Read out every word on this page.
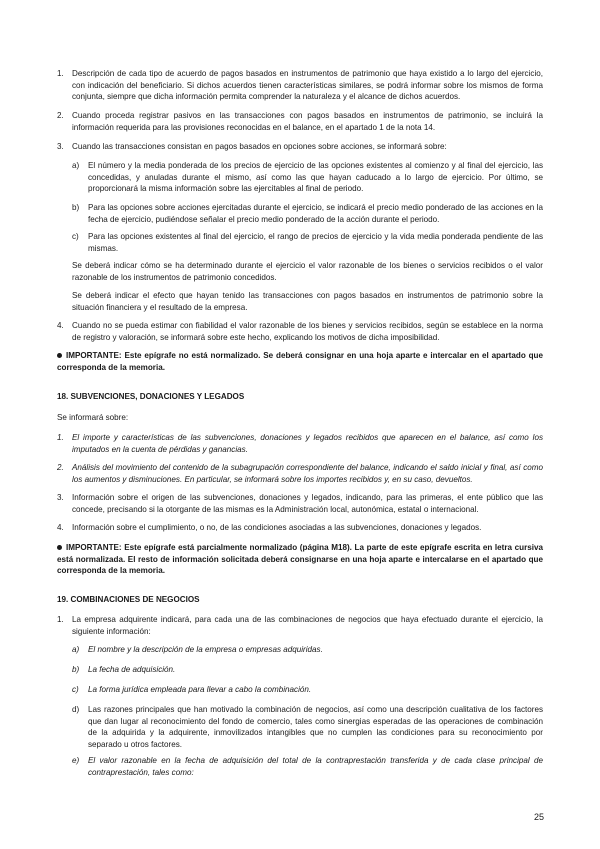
1.	Descripción de cada tipo de acuerdo de pagos basados en instrumentos de patrimonio que haya existido a lo largo del ejercicio, con indicación del beneficiario. Si dichos acuerdos tienen características similares, se podrá informar sobre los mismos de forma conjunta, siempre que dicha información permita comprender la naturaleza y el alcance de dichos acuerdos.
2.	Cuando proceda registrar pasivos en las transacciones con pagos basados en instrumentos de patrimonio, se incluirá la información requerida para las provisiones reconocidas en el balance, en el apartado 1 de la nota 14.
3.	Cuando las transacciones consistan en pagos basados en opciones sobre acciones, se informará sobre:
a)	El número y la media ponderada de los precios de ejercicio de las opciones existentes al comienzo y al final del ejercicio, las concedidas, y anuladas durante el mismo, así como las que hayan caducado a lo largo de ejercicio. Por último, se proporcionará la misma información sobre las ejercitables al final de periodo.
b)	Para las opciones sobre acciones ejercitadas durante el ejercicio, se indicará el precio medio ponderado de las acciones en la fecha de ejercicio, pudiéndose señalar el precio medio ponderado de la acción durante el periodo.
c)	Para las opciones existentes al final del ejercicio, el rango de precios de ejercicio y la vida media ponderada pendiente de las mismas.
Se deberá indicar cómo se ha determinado durante el ejercicio el valor razonable de los bienes o servicios recibidos o el valor razonable de los instrumentos de patrimonio concedidos.
Se deberá indicar el efecto que hayan tenido las transacciones con pagos basados en instrumentos de patrimonio sobre la situación financiera y el resultado de la empresa.
4.	Cuando no se pueda estimar con fiabilidad el valor razonable de los bienes y servicios recibidos, según se establece en la norma de registro y valoración, se informará sobre este hecho, explicando los motivos de dicha imposibilidad.
IMPORTANTE: Este epígrafe no está normalizado. Se deberá consignar en una hoja aparte e intercalar en el apartado que corresponda de la memoria.
18. SUBVENCIONES, DONACIONES Y LEGADOS
Se informará sobre:
1.	El importe y características de las subvenciones, donaciones y legados recibidos que aparecen en el balance, así como los imputados en la cuenta de pérdidas y ganancias.
2.	Análisis del movimiento del contenido de la subagrupación correspondiente del balance, indicando el saldo inicial y final, así como los aumentos y disminuciones. En particular, se informará sobre los importes recibidos y, en su caso, devueltos.
3.	Información sobre el origen de las subvenciones, donaciones y legados, indicando, para las primeras, el ente público que las concede, precisando si la otorgante de las mismas es la Administración local, autonómica, estatal o internacional.
4.	Información sobre el cumplimiento, o no, de las condiciones asociadas a las subvenciones, donaciones y legados.
IMPORTANTE: Este epígrafe está parcialmente normalizado (página M18). La parte de este epígrafe escrita en letra cursiva está normalizada. El resto de información solicitada deberá consignarse en una hoja aparte e intercalarse en el apartado que corresponda de la memoria.
19. COMBINACIONES DE NEGOCIOS
1.	La empresa adquirente indicará, para cada una de las combinaciones de negocios que haya efectuado durante el ejercicio, la siguiente información:
a)	El nombre y la descripción de la empresa o empresas adquiridas.
b)	La fecha de adquisición.
c)	La forma jurídica empleada para llevar a cabo la combinación.
d)	Las razones principales que han motivado la combinación de negocios, así como una descripción cualitativa de los factores que dan lugar al reconocimiento del fondo de comercio, tales como sinergias esperadas de las operaciones de combinación de la adquirida y la adquirente, inmovilizados intangibles que no cumplen las condiciones para su reconocimiento por separado u otros factores.
e)	El valor razonable en la fecha de adquisición del total de la contraprestación transferida y de cada clase principal de contraprestación, tales como:
25
